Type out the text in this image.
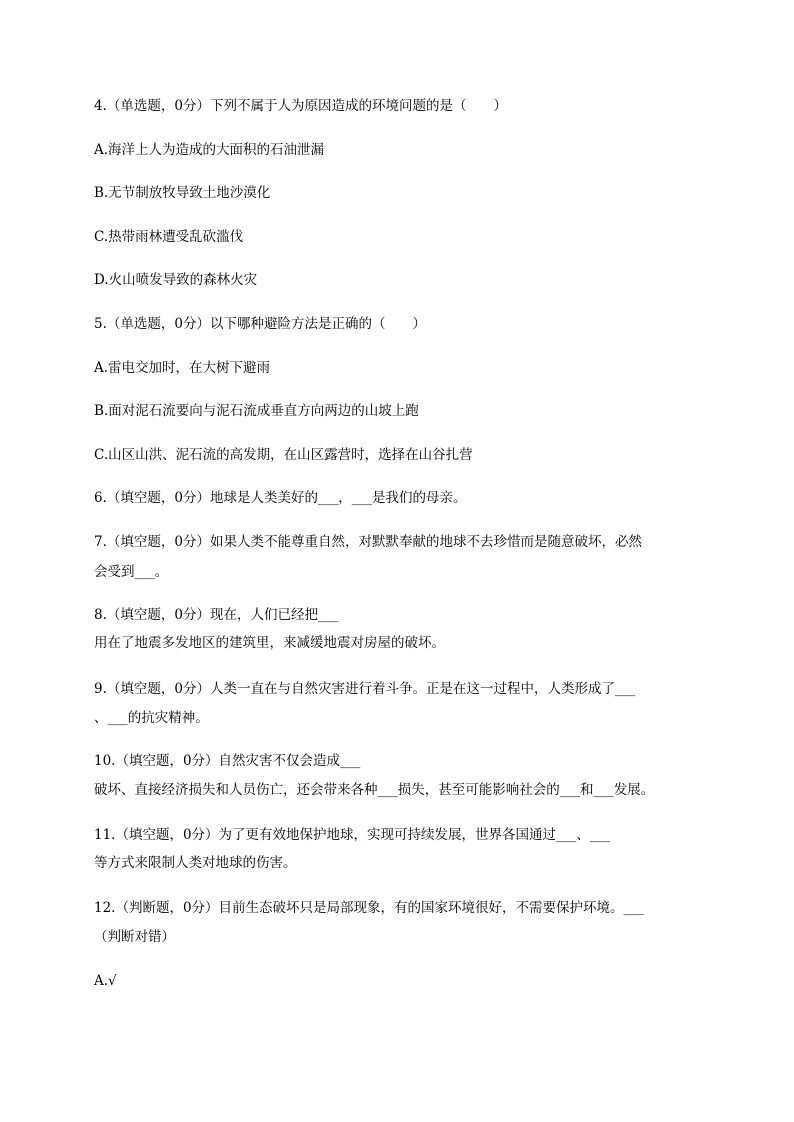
4.（单选题，0分）下列不属于人为原因造成的环境问题的是（　　）
A.海洋上人为造成的大面积的石油泄漏
B.无节制放牧导致土地沙漠化
C.热带雨林遭受乱砍滥伐
D.火山喷发导致的森林火灾
5.（单选题，0分）以下哪种避险方法是正确的（　　）
A.雷电交加时，在大树下避雨
B.面对泥石流要向与泥石流成垂直方向两边的山坡上跑
C.山区山洪、泥石流的高发期，在山区露营时，选择在山谷扎营
6.（填空题，0分）地球是人类美好的___，___是我们的母亲。
7.（填空题，0分）如果人类不能尊重自然，对默默奉献的地球不去珍惜而是随意破坏，必然
会受到___。
8.（填空题，0分）现在，人们已经把___
用在了地震多发地区的建筑里，来减缓地震对房屋的破坏。
9.（填空题，0分）人类一直在与自然灾害进行着斗争。正是在这一过程中，人类形成了___
、___的抗灾精神。
10.（填空题，0分）自然灾害不仅会造成___
破坏、直接经济损失和人员伤亡，还会带来各种___损失，甚至可能影响社会的___和___发展。
11.（填空题，0分）为了更有效地保护地球，实现可持续发展，世界各国通过___、___
等方式来限制人类对地球的伤害。
12.（判断题，0分）目前生态破坏只是局部现象，有的国家环境很好，不需要保护环境。___
（判断对错）
A.√
